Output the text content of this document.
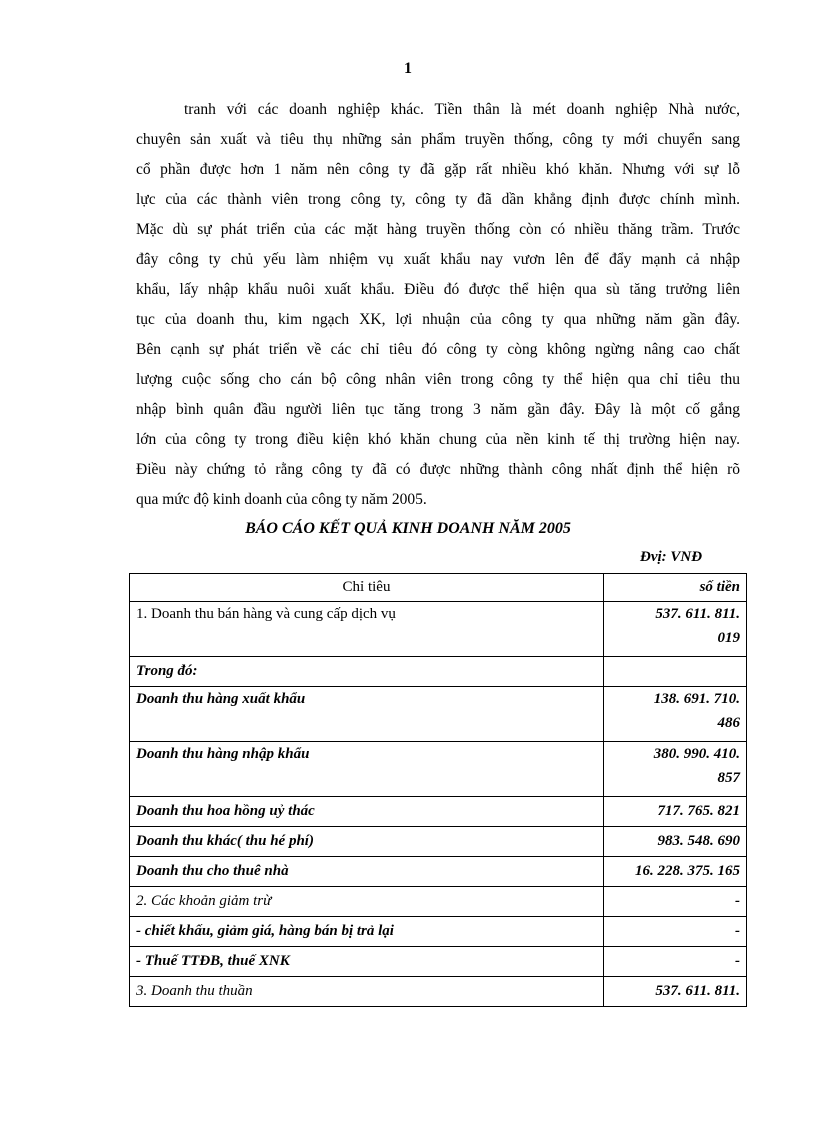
1
tranh với các doanh nghiệp khác. Tiền thân là mét doanh nghiệp Nhà nước,
chuyên sản xuất và tiêu thụ những sản phẩm truyền thống, công ty mới chuyển sang
cổ phần được hơn 1 năm nên công ty đã gặp rất nhiều khó khăn. Nhưng với sự lỗ
lực của các thành viên trong công ty, công ty đã dần khẳng định được chính mình.
Mặc dù sự phát triển của các mặt hàng truyền thống còn có nhiều thăng trầm. Trước
đây công ty chủ yếu làm nhiệm vụ xuất khẩu nay vươn lên để đẩy mạnh cả nhập
khẩu, lấy nhập khẩu nuôi xuất khẩu. Điều đó được thể hiện qua sù tăng trưởng liên
tục của doanh thu, kim ngạch XK, lợi nhuận của công ty qua những năm gần đây.
Bên cạnh sự phát triển về các chỉ tiêu đó công ty còng không ngừng nâng cao chất
lượng cuộc sống cho cán bộ công nhân viên trong công ty thể hiện qua chỉ tiêu thu
nhập bình quân đầu người liên tục tăng trong 3 năm gần đây. Đây là một cố gắng
lớn của công ty trong điều kiện khó khăn chung của nền kinh tế thị trường hiện nay.
Điều này chứng tỏ rằng công ty đã có được những thành công nhất định thể hiện rõ
qua mức độ kinh doanh của công ty năm 2005.
BÁO CÁO KẾT QUẢ KINH DOANH NĂM 2005
Đvị: VNĐ
Chỉ tiêu	số tiền
1. Doanh thu bán hàng và cung cấp dịch vụ	537. 611. 811.
019
Trong đó:	
Doanh thu hàng xuất khẩu	138. 691. 710.
486
Doanh thu hàng nhập khẩu	380. 990. 410.
857
Doanh thu hoa hồng uỷ thác	717. 765. 821
Doanh thu khác( thu hé phí)	983. 548. 690
Doanh thu cho thuê nhà	16. 228. 375. 165
2. Các khoản giảm trừ	-
- chiết khấu, giảm giá, hàng bán bị trả lại	-
- Thuế TTĐB, thuế XNK	-
3. Doanh thu thuần	537. 611. 811.
